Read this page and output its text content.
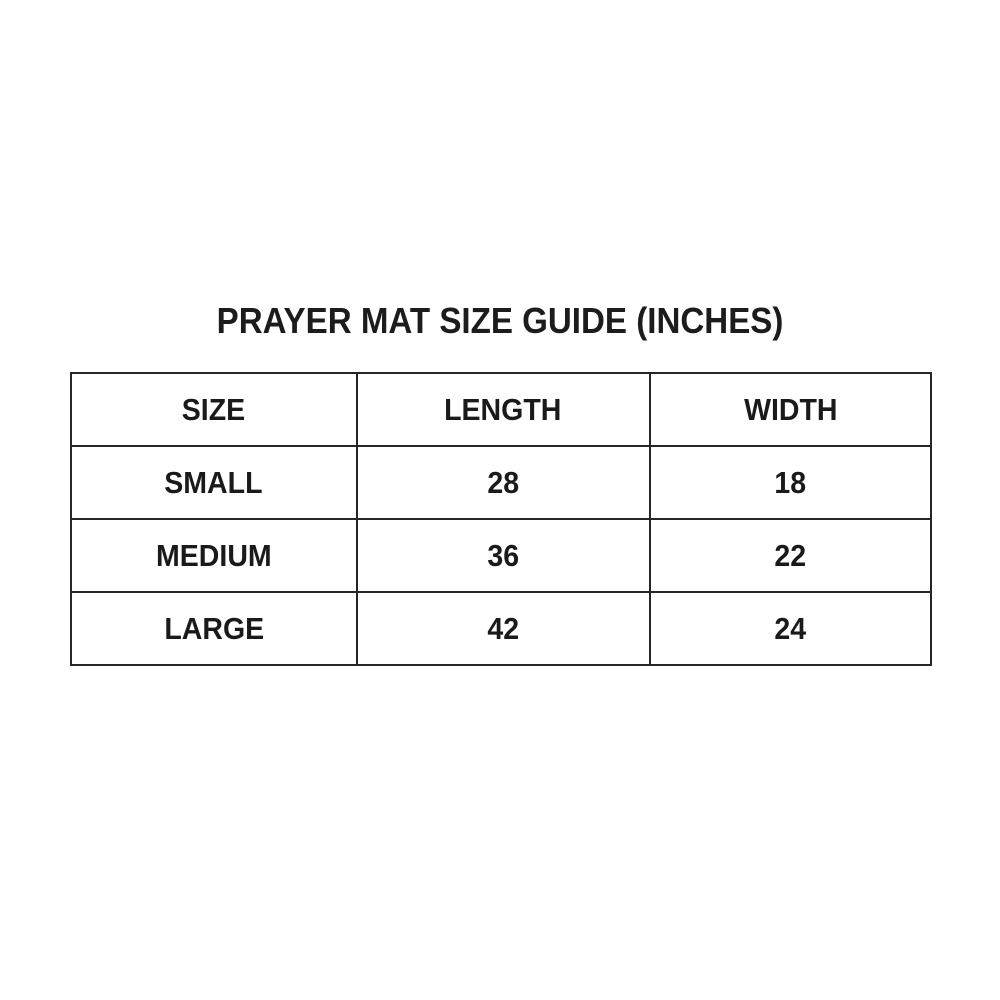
PRAYER MAT SIZE GUIDE (INCHES)
SIZE	LENGTH	WIDTH
SMALL	28	18
MEDIUM	36	22
LARGE	42	24
